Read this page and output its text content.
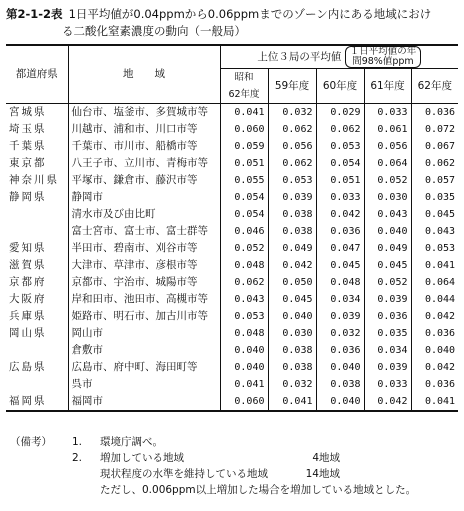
第2-1-2表 1日平均値が0.04ppmから0.06ppmまでのゾーン内にある地域におけ
る二酸化窒素濃度の動向（一般局）
都道府県	地　　域	上位３局の平均値 １日平均値の年
間98%値ppm				

		昭和
62年度	59年度	60年度	61年度	62年度
宮城県	仙台市、塩釜市、多賀城市等	0.041	0.032	0.029	0.033	0.036
埼玉県	川越市、浦和市、川口市等	0.060	0.062	0.062	0.061	0.072
千葉県	千葉市、市川市、船橋市等	0.059	0.056	0.053	0.056	0.067
東京都	八王子市、立川市、青梅市等	0.051	0.062	0.054	0.064	0.062
神奈川県	平塚市、鎌倉市、藤沢市等	0.055	0.053	0.051	0.052	0.057
静岡県	静岡市	0.054	0.039	0.033	0.030	0.035
	清水市及び由比町	0.054	0.038	0.042	0.043	0.045
	富士宮市、富士市、富士群等	0.046	0.038	0.036	0.040	0.043
愛知県	半田市、碧南市、刈谷市等	0.052	0.049	0.047	0.049	0.053
滋賀県	大津市、草津市、彦根市等	0.048	0.042	0.045	0.045	0.041
京都府	京都市、宇治市、城陽市等	0.062	0.050	0.048	0.052	0.064
大阪府	岸和田市、池田市、高槻市等	0.043	0.045	0.034	0.039	0.044
兵庫県	姫路市、明石市、加古川市等	0.053	0.040	0.039	0.036	0.042
岡山県	岡山市	0.048	0.030	0.032	0.035	0.036
	倉敷市	0.040	0.038	0.036	0.034	0.040
広島県	広島市、府中町、海田町等	0.040	0.038	0.040	0.039	0.042
	呉市	0.041	0.032	0.038	0.033	0.036
福岡県	福岡市	0.060	0.041	0.040	0.042	0.041
（備考）	1.	環境庁調べ。
2.	増加している地域	4地域
現状程度の水準を維持している地域	14地域
ただし、0.006ppm以上増加した場合を増加している地域とした。
